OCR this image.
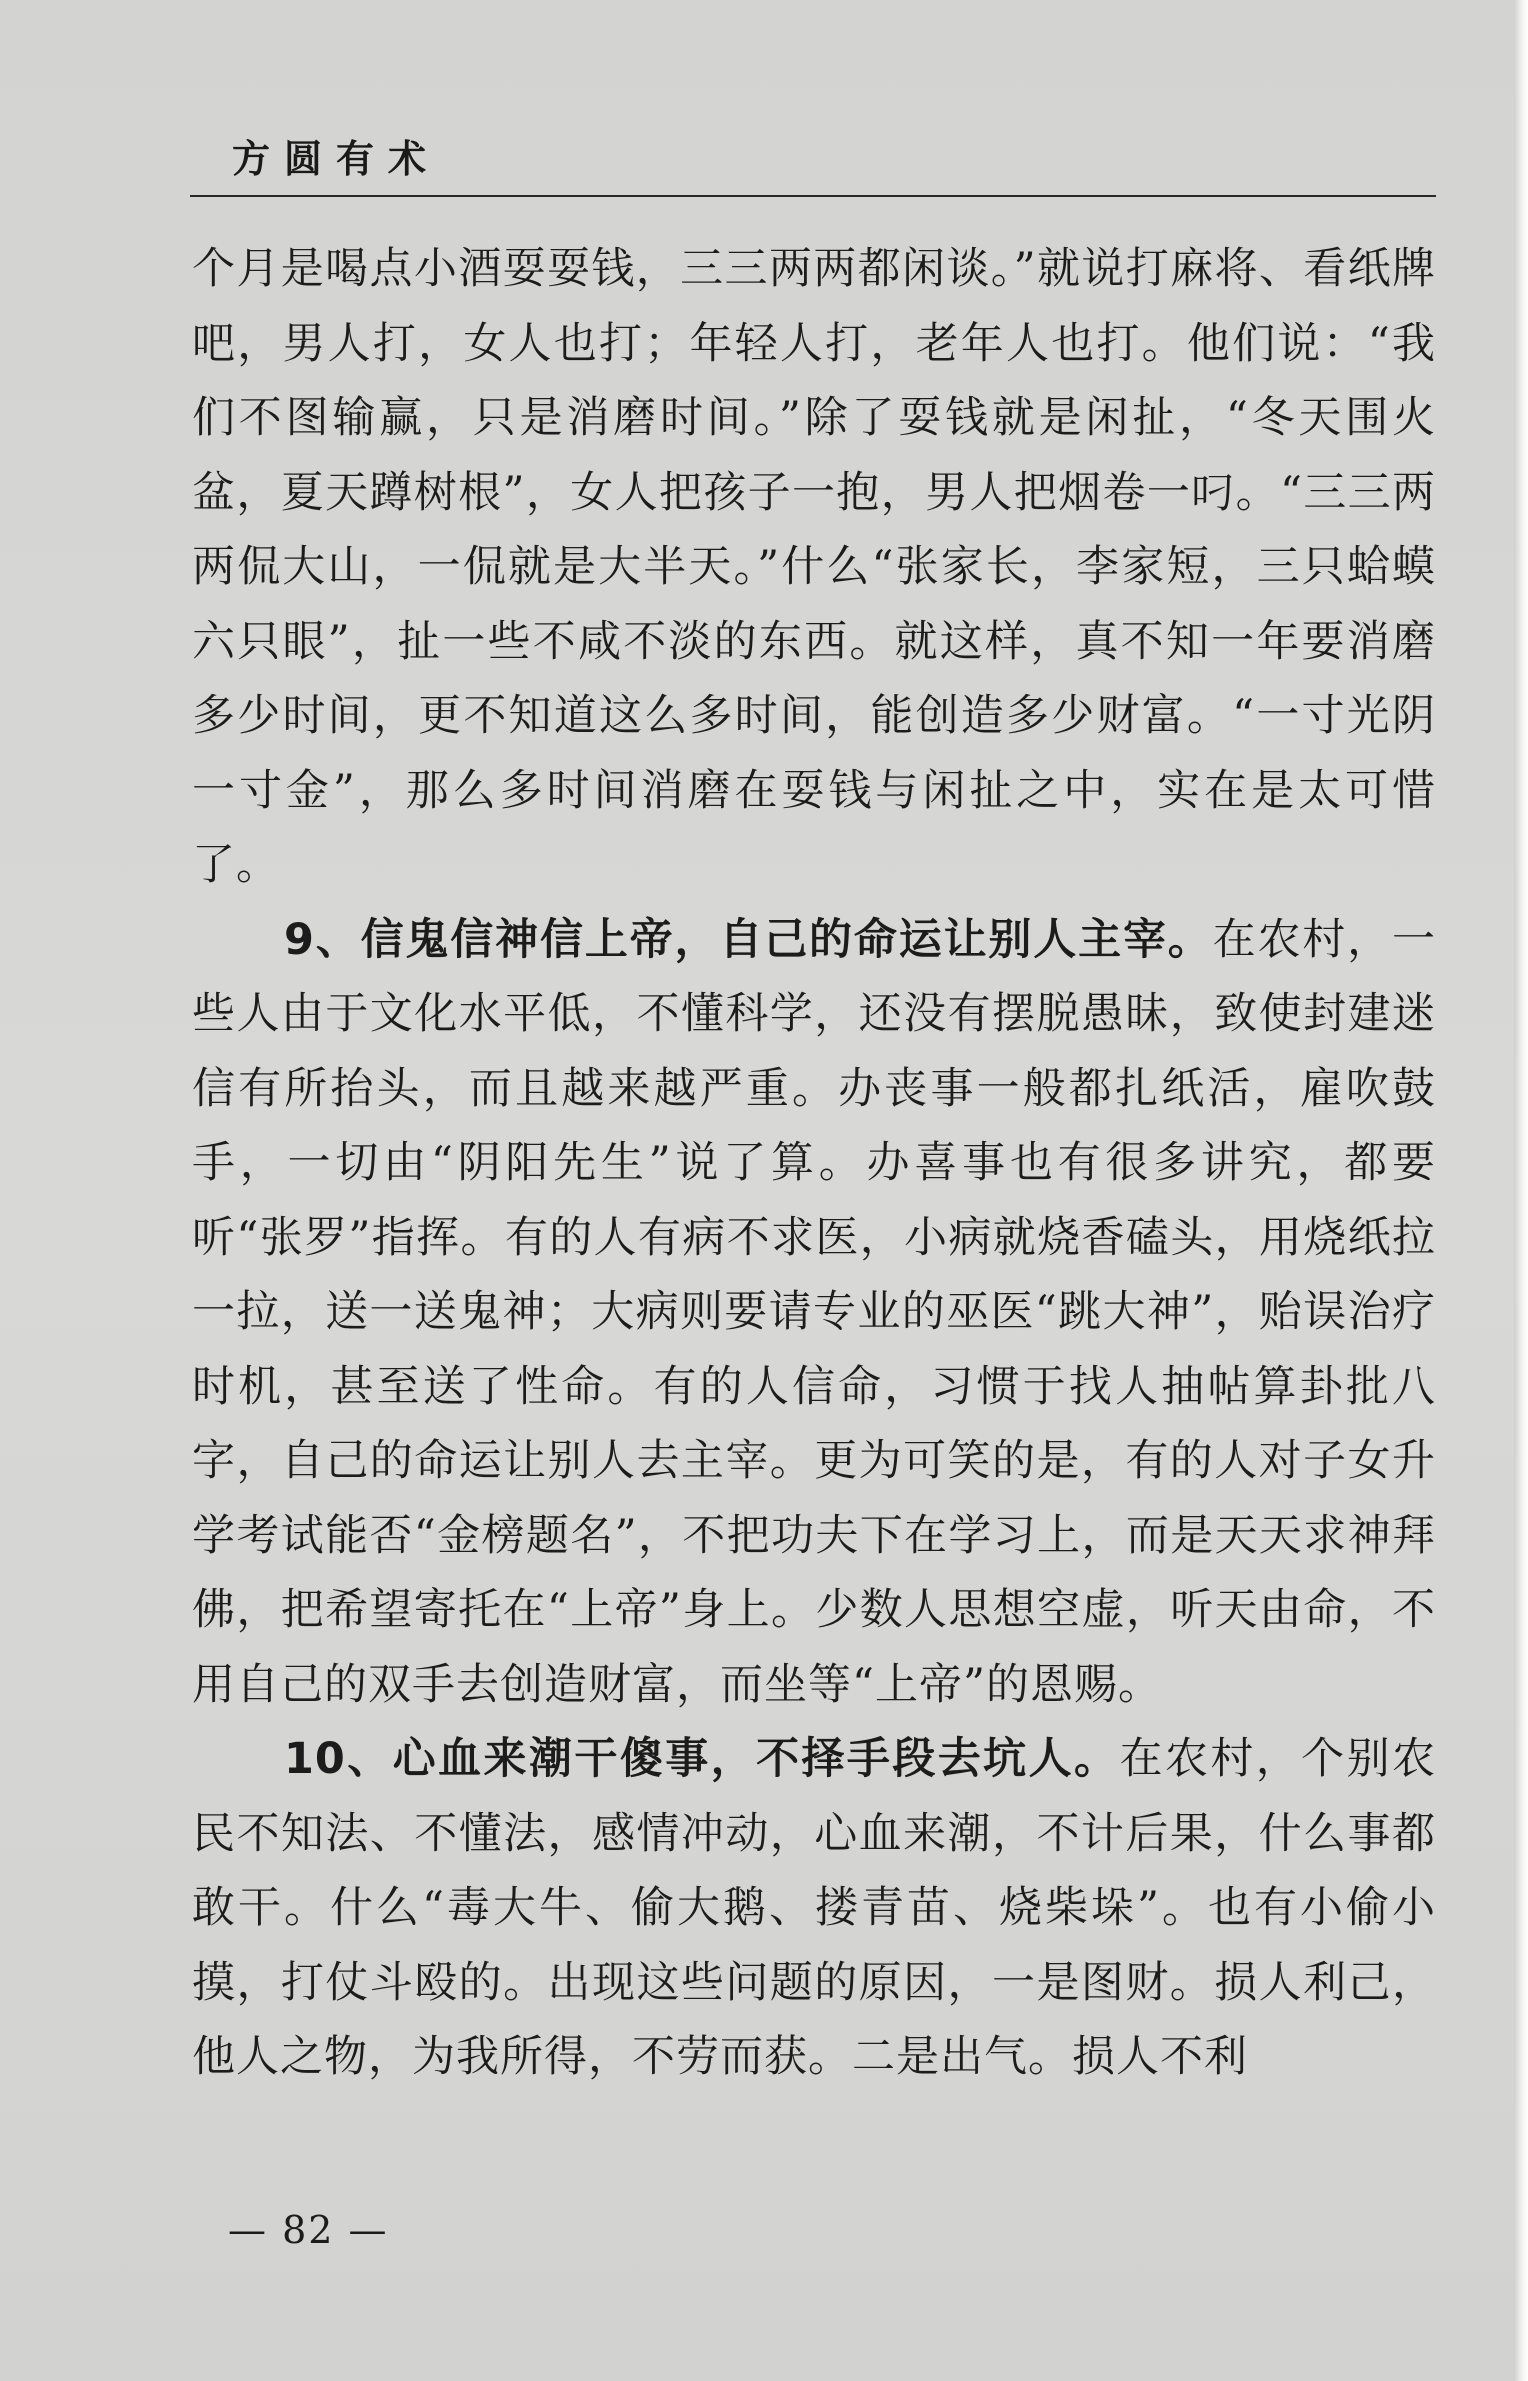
方圆有术

个月是喝点小酒耍耍钱，三三两两都闲谈。”就说打麻将、看纸牌吧，男人打，女人也打；年轻人打，老年人也打。他们说：“我们不图输赢，只是消磨时间。”除了耍钱就是闲扯，“冬天围火盆，夏天蹲树根”，女人把孩子一抱，男人把烟卷一叼。“三三两两侃大山，一侃就是大半天。”什么“张家长，李家短，三只蛤蟆六只眼”，扯一些不咸不淡的东西。就这样，真不知一年要消磨多少时间，更不知道这么多时间，能创造多少财富。“一寸光阴一寸金”，那么多时间消磨在耍钱与闲扯之中，实在是太可惜了。

9、信鬼信神信上帝，自己的命运让别人主宰。在农村，一些人由于文化水平低，不懂科学，还没有摆脱愚昧，致使封建迷信有所抬头，而且越来越严重。办丧事一般都扎纸活，雇吹鼓手，一切由“阴阳先生”说了算。办喜事也有很多讲究，都要听“张罗”指挥。有的人有病不求医，小病就烧香磕头，用烧纸拉一拉，送一送鬼神；大病则要请专业的巫医“跳大神”，贻误治疗时机，甚至送了性命。有的人信命，习惯于找人抽帖算卦批八字，自己的命运让别人去主宰。更为可笑的是，有的人对子女升学考试能否“金榜题名”，不把功夫下在学习上，而是天天求神拜佛，把希望寄托在“上帝”身上。少数人思想空虚，听天由命，不用自己的双手去创造财富，而坐等“上帝”的恩赐。

10、心血来潮干傻事，不择手段去坑人。在农村，个别农民不知法、不懂法，感情冲动，心血来潮，不计后果，什么事都敢干。什么“毒大牛、偷大鹅、搂青苗、烧柴垛”。也有小偷小摸，打仗斗殴的。出现这些问题的原因，一是图财。损人利己，他人之物，为我所得，不劳而获。二是出气。损人不利

— 82 —
